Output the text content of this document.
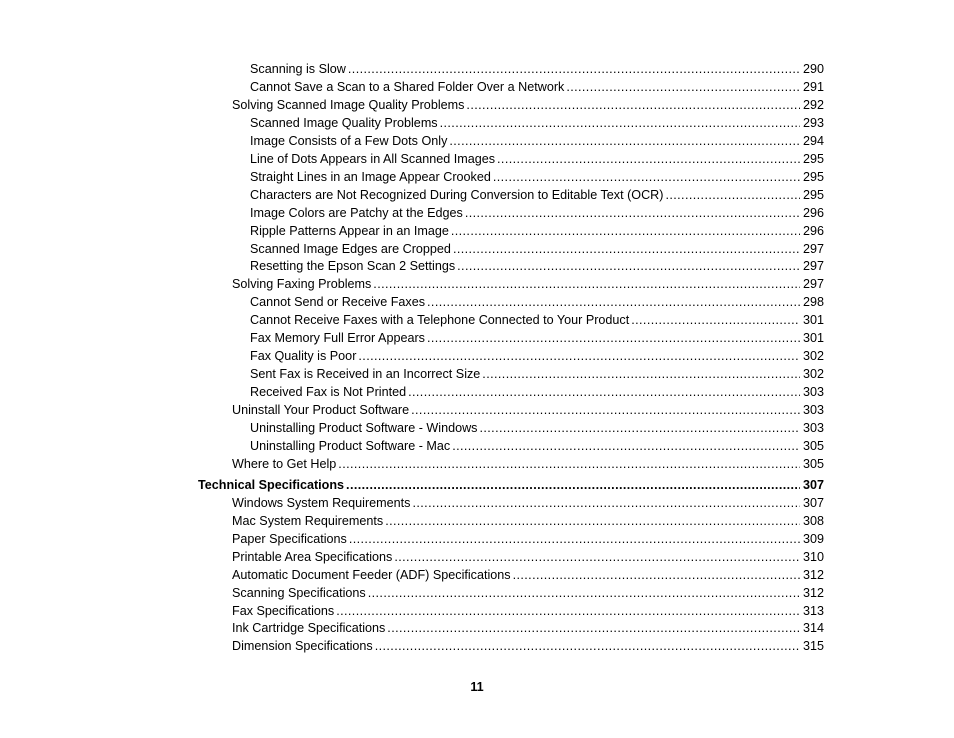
Scanning is Slow .....	290
Cannot Save a Scan to a Shared Folder Over a Network .....	291
Solving Scanned Image Quality Problems .....	292
Scanned Image Quality Problems .....	293
Image Consists of a Few Dots Only .....	294
Line of Dots Appears in All Scanned Images .....	295
Straight Lines in an Image Appear Crooked .....	295
Characters are Not Recognized During Conversion to Editable Text (OCR) .....	295
Image Colors are Patchy at the Edges .....	296
Ripple Patterns Appear in an Image .....	296
Scanned Image Edges are Cropped .....	297
Resetting the Epson Scan 2 Settings .....	297
Solving Faxing Problems .....	297
Cannot Send or Receive Faxes .....	298
Cannot Receive Faxes with a Telephone Connected to Your Product .....	301
Fax Memory Full Error Appears .....	301
Fax Quality is Poor .....	302
Sent Fax is Received in an Incorrect Size .....	302
Received Fax is Not Printed .....	303
Uninstall Your Product Software .....	303
Uninstalling Product Software - Windows .....	303
Uninstalling Product Software - Mac .....	305
Where to Get Help .....	305
Technical Specifications .....	307
Windows System Requirements .....	307
Mac System Requirements .....	308
Paper Specifications .....	309
Printable Area Specifications .....	310
Automatic Document Feeder (ADF) Specifications .....	312
Scanning Specifications .....	312
Fax Specifications .....	313
Ink Cartridge Specifications .....	314
Dimension Specifications .....	315
11
